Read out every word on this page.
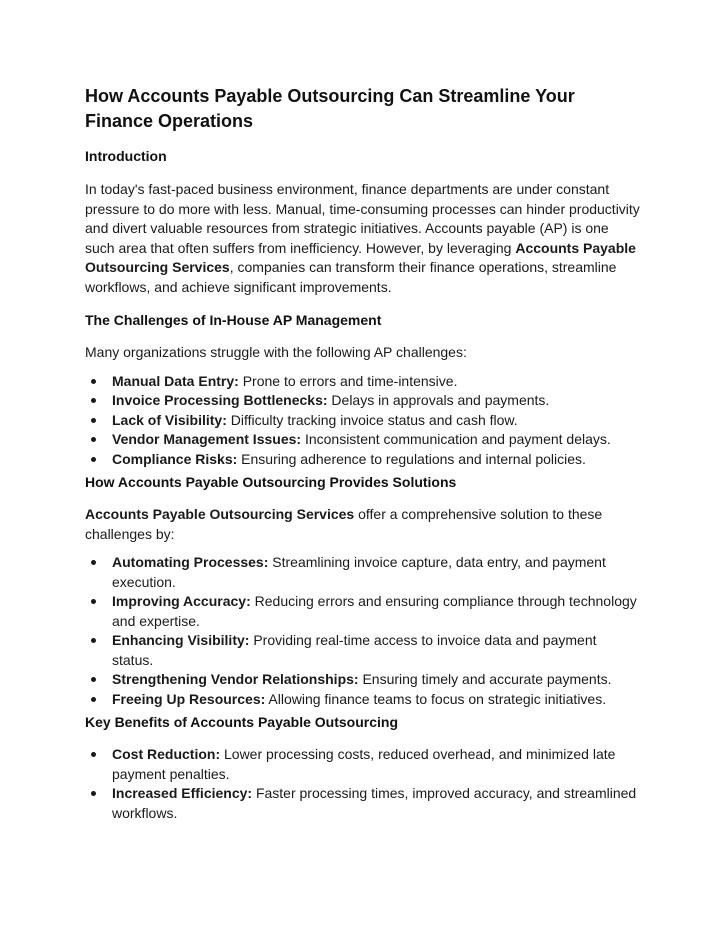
How Accounts Payable Outsourcing Can Streamline Your Finance Operations
Introduction

In today's fast-paced business environment, finance departments are under constant pressure to do more with less. Manual, time-consuming processes can hinder productivity and divert valuable resources from strategic initiatives. Accounts payable (AP) is one such area that often suffers from inefficiency. However, by leveraging Accounts Payable Outsourcing Services, companies can transform their finance operations, streamline workflows, and achieve significant improvements.

The Challenges of In-House AP Management

Many organizations struggle with the following AP challenges:

Manual Data Entry: Prone to errors and time-intensive.
Invoice Processing Bottlenecks: Delays in approvals and payments.
Lack of Visibility: Difficulty tracking invoice status and cash flow.
Vendor Management Issues: Inconsistent communication and payment delays.
Compliance Risks: Ensuring adherence to regulations and internal policies.
How Accounts Payable Outsourcing Provides Solutions

Accounts Payable Outsourcing Services offer a comprehensive solution to these challenges by:

Automating Processes: Streamlining invoice capture, data entry, and payment execution.
Improving Accuracy: Reducing errors and ensuring compliance through technology and expertise.
Enhancing Visibility: Providing real-time access to invoice data and payment status.
Strengthening Vendor Relationships: Ensuring timely and accurate payments.
Freeing Up Resources: Allowing finance teams to focus on strategic initiatives.
Key Benefits of Accounts Payable Outsourcing
Cost Reduction: Lower processing costs, reduced overhead, and minimized late payment penalties.
Increased Efficiency: Faster processing times, improved accuracy, and streamlined workflows.
